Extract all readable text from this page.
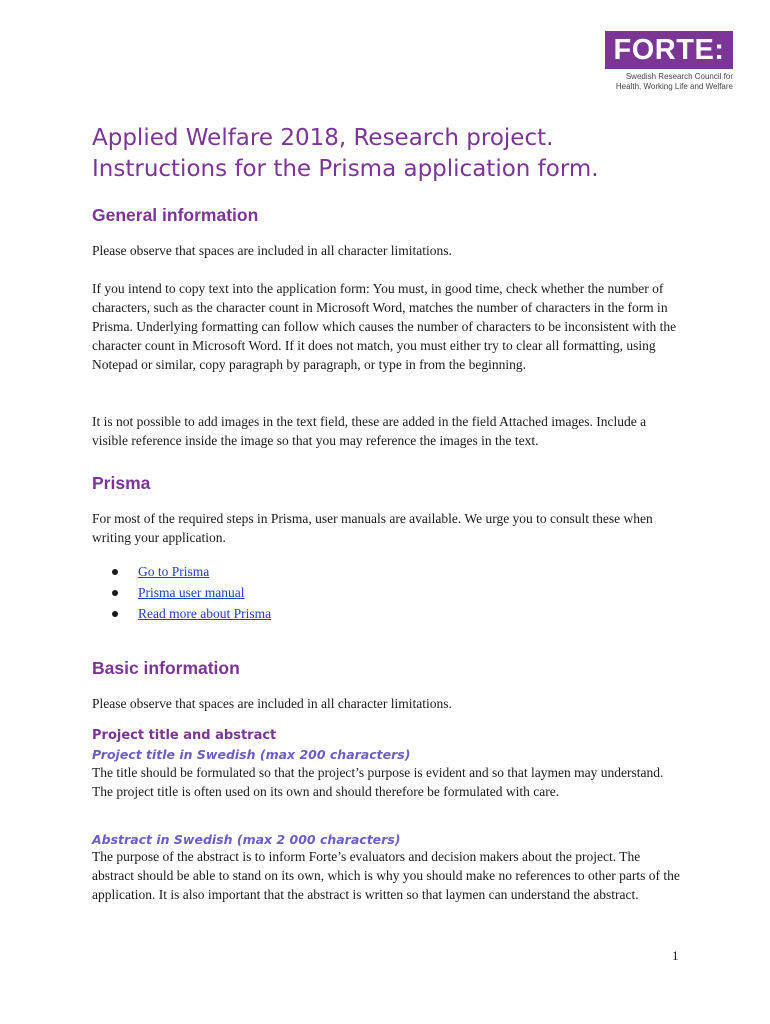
FORTE:
Swedish Research Council for
Health, Working Life and Welfare
Applied Welfare 2018, Research project.
Instructions for the Prisma application form.
General information

Please observe that spaces are included in all character limitations.

If you intend to copy text into the application form: You must, in good time, check whether the number of characters, such as the character count in Microsoft Word, matches the number of characters in the form in Prisma. Underlying formatting can follow which causes the number of characters to be inconsistent with the character count in Microsoft Word. If it does not match, you must either try to clear all formatting, using Notepad or similar, copy paragraph by paragraph, or type in from the beginning.

It is not possible to add images in the text field, these are added in the field Attached images. Include a visible reference inside the image so that you may reference the images in the text.

Prisma

For most of the required steps in Prisma, user manuals are available. We urge you to consult these when writing your application.

Go to Prisma
Prisma user manual
Read more about Prisma
Basic information

Please observe that spaces are included in all character limitations.

Project title and abstract
Project title in Swedish (max 200 characters)

The title should be formulated so that the project’s purpose is evident and so that laymen may understand. The project title is often used on its own and should therefore be formulated with care.

Abstract in Swedish (max 2 000 characters)

The purpose of the abstract is to inform Forte’s evaluators and decision makers about the project. The abstract should be able to stand on its own, which is why you should make no references to other parts of the application. It is also important that the abstract is written so that laymen can understand the abstract.

1
